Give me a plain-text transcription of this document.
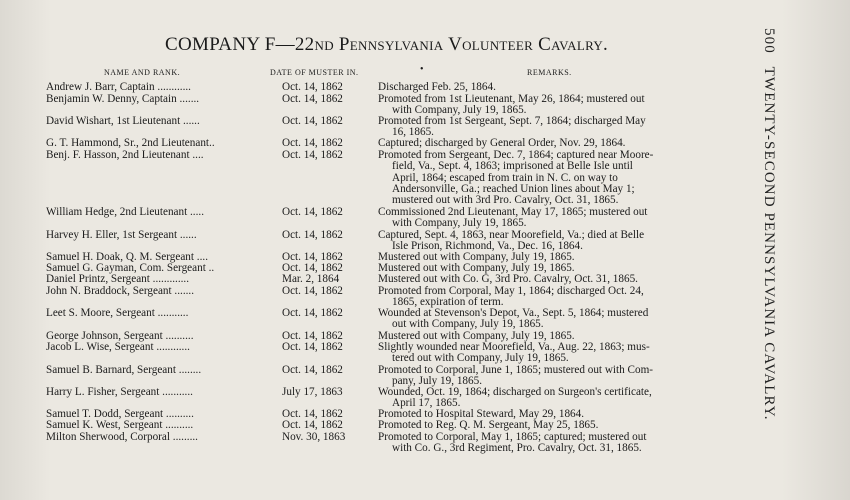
COMPANY F—22nd Pennsylvania Volunteer Cavalry.
•
NAME AND RANK.	DATE OF MUSTER IN.	REMARKS.
500 TWENTY-SECOND PENNSYLVANIA CAVALRY.
Andrew J. Barr, Captain ............	Oct. 14, 1862	Discharged Feb. 25, 1864.
Benjamin W. Denny, Captain .......	Oct. 14, 1862	Promoted from 1st Lieutenant, May 26, 1864; mustered out
with Company, July 19, 1865.
David Wishart, 1st Lieutenant ......	Oct. 14, 1862	Promoted from 1st Sergeant, Sept. 7, 1864; discharged May
16, 1865.
G. T. Hammond, Sr., 2nd Lieutenant..	Oct. 14, 1862	Captured; discharged by General Order, Nov. 29, 1864.
Benj. F. Hasson, 2nd Lieutenant ....	Oct. 14, 1862	Promoted from Sergeant, Dec. 7, 1864; captured near Moore-
field, Va., Sept. 4, 1863; imprisoned at Belle Isle until
April, 1864; escaped from train in N. C. on way to
Andersonville, Ga.; reached Union lines about May 1;
mustered out with 3rd Pro. Cavalry, Oct. 31, 1865.
William Hedge, 2nd Lieutenant .....	Oct. 14, 1862	Commissioned 2nd Lieutenant, May 17, 1865; mustered out
with Company, July 19, 1865.
Harvey H. Eller, 1st Sergeant ......	Oct. 14, 1862	Captured, Sept. 4, 1863, near Moorefield, Va.; died at Belle
Isle Prison, Richmond, Va., Dec. 16, 1864.
Samuel H. Doak, Q. M. Sergeant ....	Oct. 14, 1862	Mustered out with Company, July 19, 1865.
Samuel G. Gayman, Com. Sergeant ..	Oct. 14, 1862	Mustered out with Company, July 19, 1865.
Daniel Printz, Sergeant .............	Mar. 2, 1864	Mustered out with Co. G, 3rd Pro. Cavalry, Oct. 31, 1865.
John N. Braddock, Sergeant .......	Oct. 14, 1862	Promoted from Corporal, May 1, 1864; discharged Oct. 24,
1865, expiration of term.
Leet S. Moore, Sergeant ...........	Oct. 14, 1862	Wounded at Stevenson's Depot, Va., Sept. 5, 1864; mustered
out with Company, July 19, 1865.
George Johnson, Sergeant ..........	Oct. 14, 1862	Mustered out with Company, July 19, 1865.
Jacob L. Wise, Sergeant ............	Oct. 14, 1862	Slightly wounded near Moorefield, Va., Aug. 22, 1863; mus-
tered out with Company, July 19, 1865.
Samuel B. Barnard, Sergeant ........	Oct. 14, 1862	Promoted to Corporal, June 1, 1865; mustered out with Com-
pany, July 19, 1865.
Harry L. Fisher, Sergeant ...........	July 17, 1863	Wounded, Oct. 19, 1864; discharged on Surgeon's certificate,
April 17, 1865.
Samuel T. Dodd, Sergeant ..........	Oct. 14, 1862	Promoted to Hospital Steward, May 29, 1864.
Samuel K. West, Sergeant ..........	Oct. 14, 1862	Promoted to Reg. Q. M. Sergeant, May 25, 1865.
Milton Sherwood, Corporal .........	Nov. 30, 1863	Promoted to Corporal, May 1, 1865; captured; mustered out
with Co. G., 3rd Regiment, Pro. Cavalry, Oct. 31, 1865.
